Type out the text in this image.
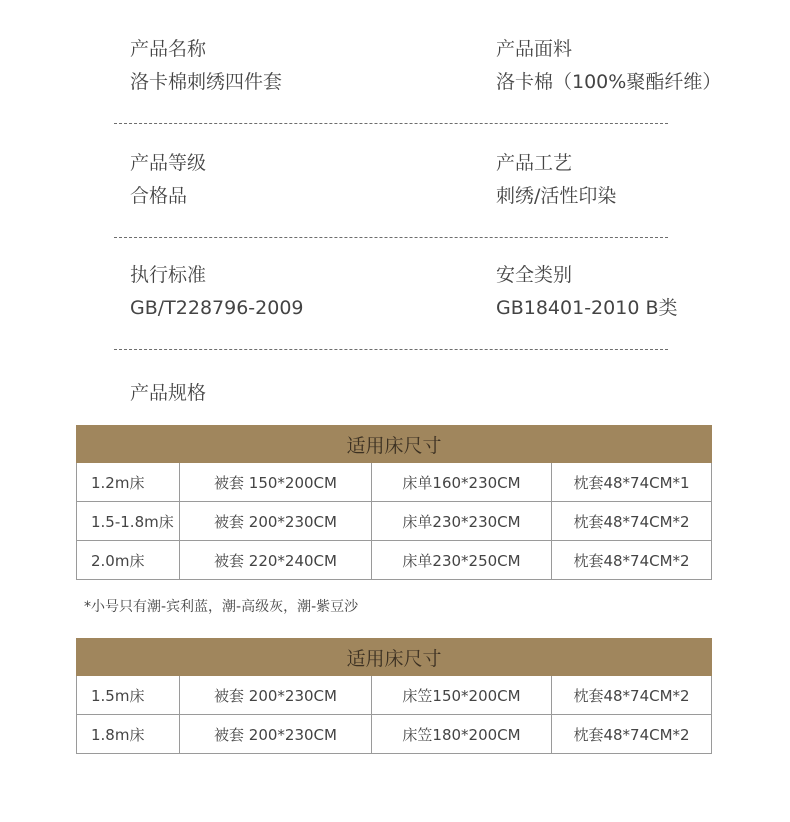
产品名称
洛卡棉刺绣四件套
产品面料
洛卡棉（100%聚酯纤维）
产品等级
合格品
产品工艺
刺绣/活性印染
执行标准
GB/T228796-2009
安全类别
GB18401-2010 B类
产品规格
适用床尺寸			
1.2m床	被套 150*200CM	床单160*230CM	枕套48*74CM*1
1.5-1.8m床	被套 200*230CM	床单230*230CM	枕套48*74CM*2
2.0m床	被套 220*240CM	床单230*250CM	枕套48*74CM*2
*小号只有潮-宾利蓝，潮-高级灰，潮-紫豆沙
适用床尺寸			
1.5m床	被套 200*230CM	床笠150*200CM	枕套48*74CM*2
1.8m床	被套 200*230CM	床笠180*200CM	枕套48*74CM*2
